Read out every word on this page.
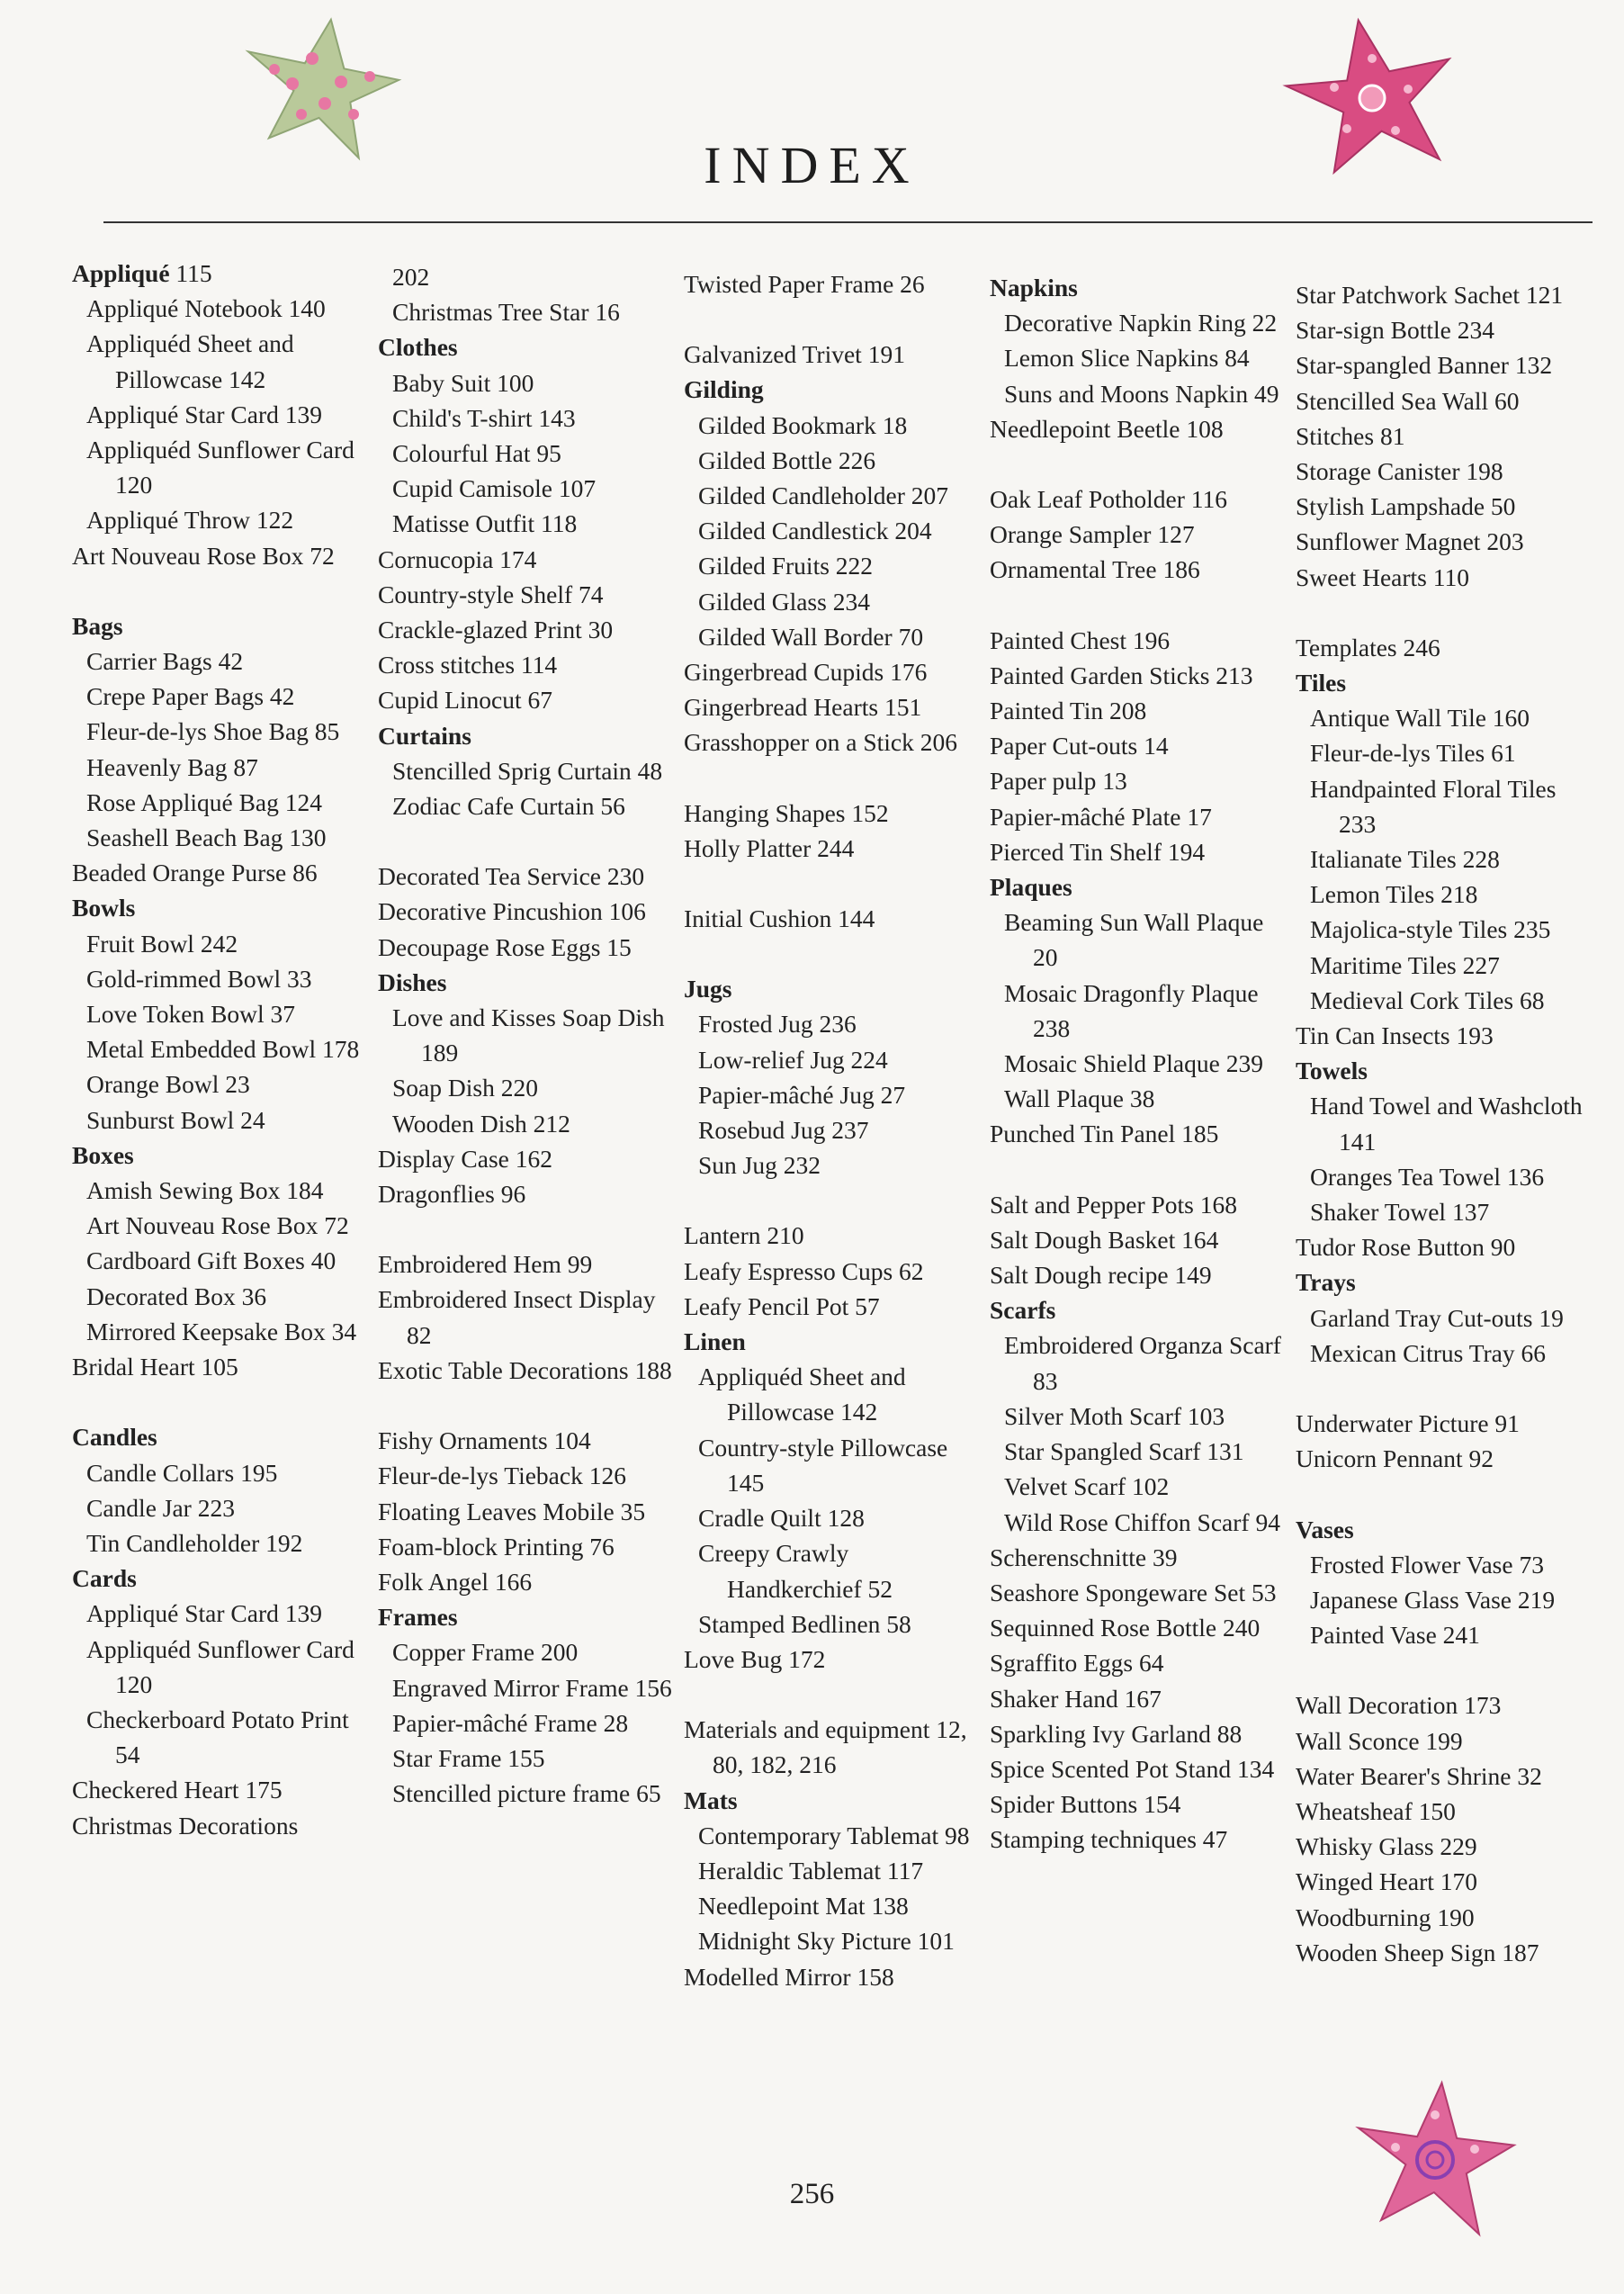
INDEX
Appliqué 115
Appliqué Notebook 140
Appliquéd Sheet and Pillowcase 142
Appliqué Star Card 139
Appliquéd Sunflower Card 120
Appliqué Throw 122
Art Nouveau Rose Box 72
Bags
Carrier Bags 42
Crepe Paper Bags 42
Fleur-de-lys Shoe Bag 85
Heavenly Bag 87
Rose Appliqué Bag 124
Seashell Beach Bag 130
Beaded Orange Purse 86
Bowls
Fruit Bowl 242
Gold-rimmed Bowl 33
Love Token Bowl 37
Metal Embedded Bowl 178
Orange Bowl 23
Sunburst Bowl 24
Boxes
Amish Sewing Box 184
Art Nouveau Rose Box 72
Cardboard Gift Boxes 40
Decorated Box 36
Mirrored Keepsake Box 34
Bridal Heart 105
Candles
Candle Collars 195
Candle Jar 223
Tin Candleholder 192
Cards
Appliqué Star Card 139
Appliquéd Sunflower Card 120
Checkerboard Potato Print 54
Checkered Heart 175
Christmas Decorations
202
Christmas Tree Star 16
Clothes
Baby Suit 100
Child's T-shirt 143
Colourful Hat 95
Cupid Camisole 107
Matisse Outfit 118
Cornucopia 174
Country-style Shelf 74
Crackle-glazed Print 30
Cross stitches 114
Cupid Linocut 67
Curtains
Stencilled Sprig Curtain 48
Zodiac Cafe Curtain 56
Decorated Tea Service 230
Decorative Pincushion 106
Decoupage Rose Eggs 15
Dishes
Love and Kisses Soap Dish 189
Soap Dish 220
Wooden Dish 212
Display Case 162
Dragonflies 96
Embroidered Hem 99
Embroidered Insect Display 82
Exotic Table Decorations 188
Fishy Ornaments 104
Fleur-de-lys Tieback 126
Floating Leaves Mobile 35
Foam-block Printing 76
Folk Angel 166
Frames
Copper Frame 200
Engraved Mirror Frame 156
Papier-mâché Frame 28
Star Frame 155
Stencilled picture frame 65
Twisted Paper Frame 26
Galvanized Trivet 191
Gilding
Gilded Bookmark 18
Gilded Bottle 226
Gilded Candleholder 207
Gilded Candlestick 204
Gilded Fruits 222
Gilded Glass 234
Gilded Wall Border 70
Gingerbread Cupids 176
Gingerbread Hearts 151
Grasshopper on a Stick 206
Hanging Shapes 152
Holly Platter 244
Initial Cushion 144
Jugs
Frosted Jug 236
Low-relief Jug 224
Papier-mâché Jug 27
Rosebud Jug 237
Sun Jug 232
Lantern 210
Leafy Espresso Cups 62
Leafy Pencil Pot 57
Linen
Appliquéd Sheet and Pillowcase 142
Country-style Pillowcase 145
Cradle Quilt 128
Creepy Crawly Handkerchief 52
Stamped Bedlinen 58
Love Bug 172
Materials and equipment 12, 80, 182, 216
Mats
Contemporary Tablemat 98
Heraldic Tablemat 117
Needlepoint Mat 138
Midnight Sky Picture 101
Modelled Mirror 158
Napkins
Decorative Napkin Ring 22
Lemon Slice Napkins 84
Suns and Moons Napkin 49
Needlepoint Beetle 108
Oak Leaf Potholder 116
Orange Sampler 127
Ornamental Tree 186
Painted Chest 196
Painted Garden Sticks 213
Painted Tin 208
Paper Cut-outs 14
Paper pulp 13
Papier-mâché Plate 17
Pierced Tin Shelf 194
Plaques
Beaming Sun Wall Plaque 20
Mosaic Dragonfly Plaque 238
Mosaic Shield Plaque 239
Wall Plaque 38
Punched Tin Panel 185
Salt and Pepper Pots 168
Salt Dough Basket 164
Salt Dough recipe 149
Scarfs
Embroidered Organza Scarf 83
Silver Moth Scarf 103
Star Spangled Scarf 131
Velvet Scarf 102
Wild Rose Chiffon Scarf 94
Scherenschnitte 39
Seashore Spongeware Set 53
Sequinned Rose Bottle 240
Sgraffito Eggs 64
Shaker Hand 167
Sparkling Ivy Garland 88
Spice Scented Pot Stand 134
Spider Buttons 154
Stamping techniques 47
Star Patchwork Sachet 121
Star-sign Bottle 234
Star-spangled Banner 132
Stencilled Sea Wall 60
Stitches 81
Storage Canister 198
Stylish Lampshade 50
Sunflower Magnet 203
Sweet Hearts 110
Templates 246
Tiles
Antique Wall Tile 160
Fleur-de-lys Tiles 61
Handpainted Floral Tiles 233
Italianate Tiles 228
Lemon Tiles 218
Majolica-style Tiles 235
Maritime Tiles 227
Medieval Cork Tiles 68
Tin Can Insects 193
Towels
Hand Towel and Washcloth 141
Oranges Tea Towel 136
Shaker Towel 137
Tudor Rose Button 90
Trays
Garland Tray Cut-outs 19
Mexican Citrus Tray 66
Underwater Picture 91
Unicorn Pennant 92
Vases
Frosted Flower Vase 73
Japanese Glass Vase 219
Painted Vase 241
Wall Decoration 173
Wall Sconce 199
Water Bearer's Shrine 32
Wheatsheaf 150
Whisky Glass 229
Winged Heart 170
Woodburning 190
Wooden Sheep Sign 187
256
